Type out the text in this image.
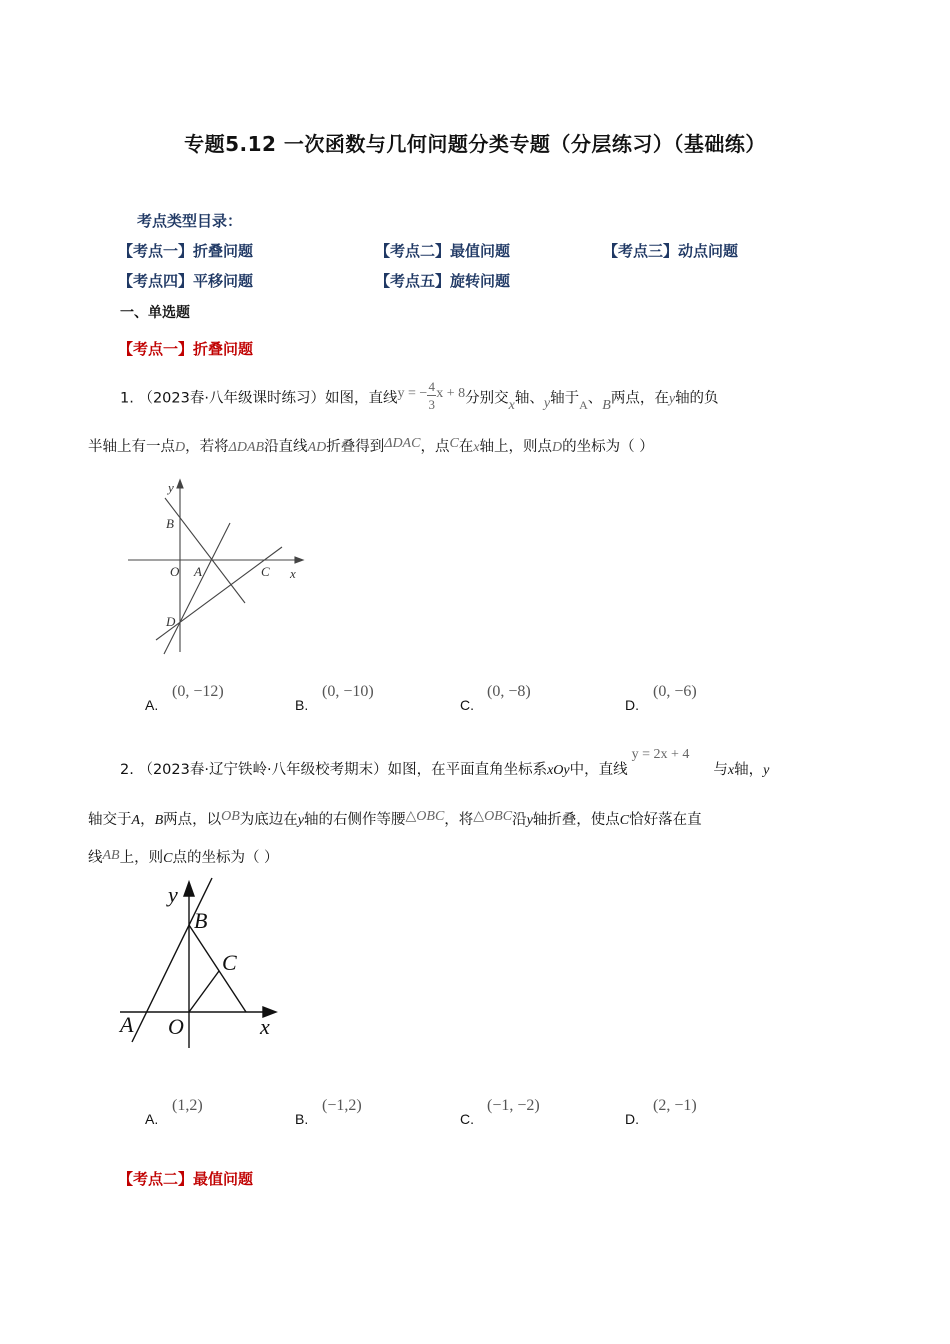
专题5.12 一次函数与几何问题分类专题（分层练习）（基础练）
考点类型目录：
【考点一】折叠问题	【考点二】最值问题	【考点三】动点问题
【考点四】平移问题	【考点五】旋转问题
一、单选题
【考点一】折叠问题
1. （2023春·八年级课时练习）如图，直线y = − $\frac{4}{3}$ x + 8分别交x轴、y轴于$_A$、B两点，在y轴的负
半轴上有一点D，若将ΔDAB沿直线AD折叠得到ΔDAC，点C在x轴上，则点D的坐标为（ ）
y
B
O A	C x
D
A.
(0, −12)
B.
(0, −10)
C.
(0, −8)
D.
(0, −6)
2. （2023春·辽宁铁岭·八年级校考期末）如图，在平面直角坐标系xOy中，直线y = 2x + 4与x轴，y
轴交于A，B两点，以OB为底边在y轴的右侧作等腰△OBC，将△OBC沿y轴折叠，使点C恰好落在直
线AB上，则C点的坐标为（ ）
y
B
C
A O	x
A.
(1,2)
B.
(−1,2)
C.
(−1, −2)
D.
(2, −1)
【考点二】最值问题
